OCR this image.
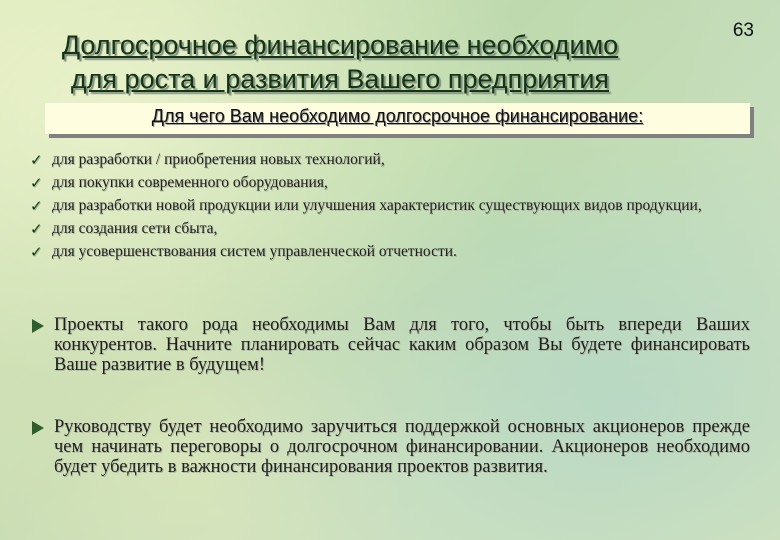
Долгосрочное финансирование необходимо
для роста и развития Вашего предприятия
63
Для чего Вам необходимо долгосрочное финансирование:
✓ для разработки / приобретения новых технологий,
✓ для покупки современного оборудования,
✓ для разработки новой продукции или улучшения характеристик существующих видов продукции,
✓ для создания сети сбыта,
✓ для усовершенствования систем управленческой отчетности.
Проекты такого рода необходимы Вам для того, чтобы быть впереди Ваших конкурентов. Начните планировать сейчас каким образом Вы будете финансировать Ваше развитие в будущем!
Руководству будет необходимо заручиться поддержкой основных акционеров прежде чем начинать переговоры о долгосрочном финансировании. Акционеров необходимо будет убедить в важности финансирования проектов развития.
